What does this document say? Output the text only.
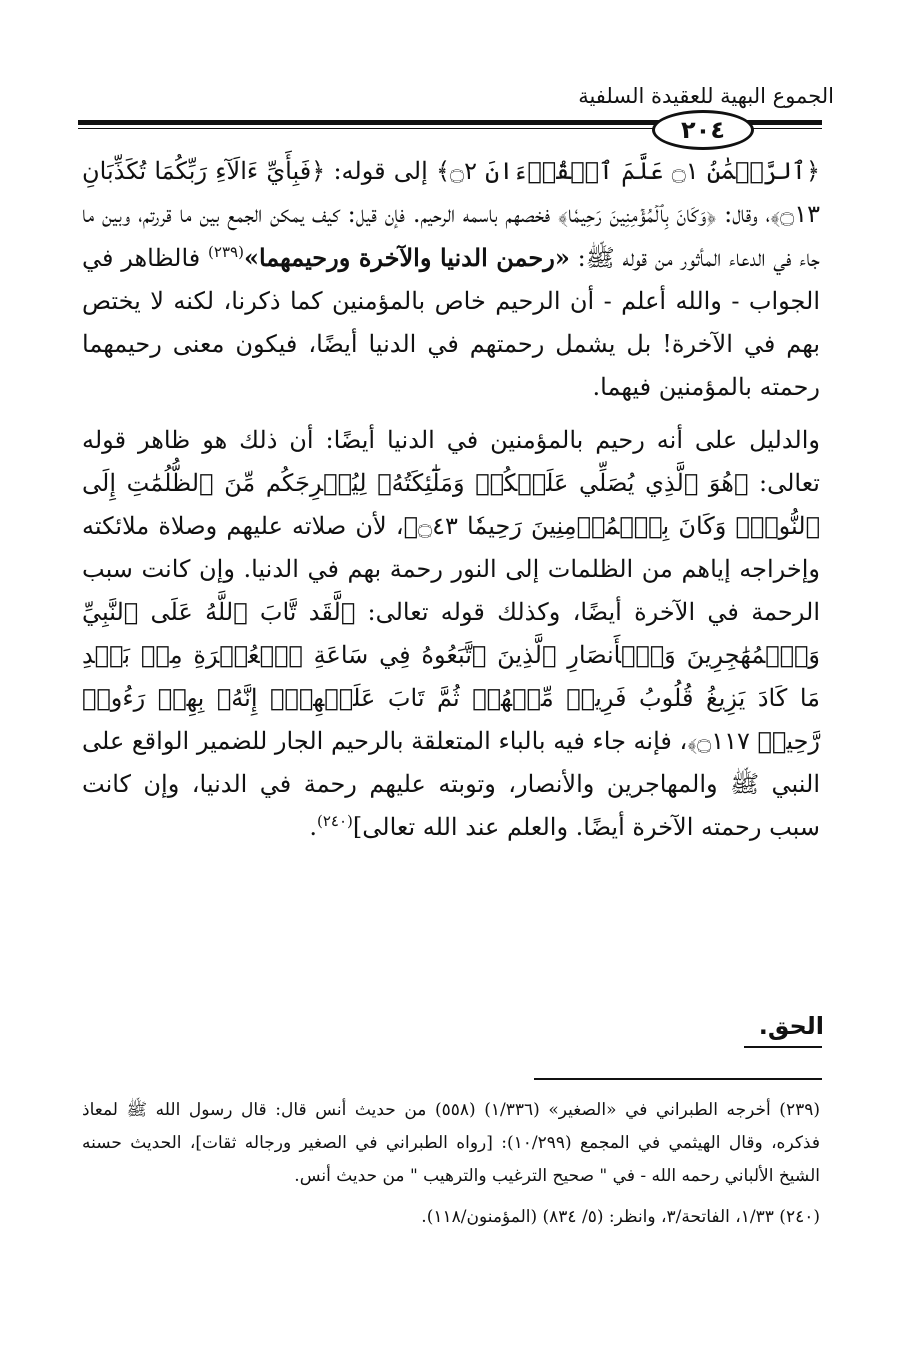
الجموع البهية للعقيدة السلفية
٢٠٤

﴿ٱلرَّحۡمَٰنُ ۝١ عَلَّمَ ٱلۡقُرۡءَانَ ۝٢﴾ إلى قوله: ﴿فَبِأَيِّ ءَالَآءِ رَبِّكُمَا تُكَذِّبَانِ ۝١٣﴾، وقال: ﴿وَكَانَ بِٱلۡمُؤۡمِنِينَ رَحِيمٗا﴾ فخصهم باسمه الرحيم. فإن قيل: كيف يمكن الجمع بين ما قررتم، وبين ما جاء في الدعاء المأثور من قوله ﷺ: «رحمن الدنيا والآخرة ورحيمهما»$^{(٢٣٩)}$ فالظاهر في الجواب - والله أعلم - أن الرحيم خاص بالمؤمنين كما ذكرنا، لكنه لا يختص بهم في الآخرة! بل يشمل رحمتهم في الدنيا أيضًا، فيكون معنى رحيمهما رحمته بالمؤمنين فيهما.

والدليل على أنه رحيم بالمؤمنين في الدنيا أيضًا: أن ذلك هو ظاهر قوله تعالى: ﴿هُوَ ٱلَّذِي يُصَلِّي عَلَيۡكُمۡ وَمَلَٰٓئِكَتُهُۥ لِيُخۡرِجَكُم مِّنَ ٱلظُّلُمَٰتِ إِلَى ٱلنُّورِۚ وَكَانَ بِٱلۡمُؤۡمِنِينَ رَحِيمٗا ۝٤٣﴾، لأن صلاته عليهم وصلاة ملائكته وإخراجه إياهم من الظلمات إلى النور رحمة بهم في الدنيا. وإن كانت سبب الرحمة في الآخرة أيضًا، وكذلك قوله تعالى: ﴿لَّقَد تَّابَ ٱللَّهُ عَلَى ٱلنَّبِيِّ وَٱلۡمُهَٰجِرِينَ وَٱلۡأَنصَارِ ٱلَّذِينَ ٱتَّبَعُوهُ فِي سَاعَةِ ٱلۡعُسۡرَةِ مِنۢ بَعۡدِ مَا كَادَ يَزِيغُ قُلُوبُ فَرِيقٖ مِّنۡهُمۡ ثُمَّ تَابَ عَلَيۡهِمۡۚ إِنَّهُۥ بِهِمۡ رَءُوفٞ رَّحِيمٞ ۝١١٧﴾، فإنه جاء فيه بالباء المتعلقة بالرحيم الجار للضمير الواقع على النبي ﷺ والمهاجرين والأنصار، وتوبته عليهم رحمة في الدنيا، وإن كانت سبب رحمته الآخرة أيضًا. والعلم عند الله تعالى]$^{(٢٤٠)}$.

الحق.

(٢٣٩) أخرجه الطبراني في «الصغير» (١/٣٣٦) (٥٥٨) من حديث أنس قال: قال رسول الله ﷺ لمعاذ فذكره، وقال الهيثمي في المجمع (١٠/٢٩٩): [رواه الطبراني في الصغير ورجاله ثقات]، الحديث حسنه الشيخ الألباني رحمه الله - في " صحيح الترغيب والترهيب " من حديث أنس.

(٢٤٠) ١/٣٣، الفاتحة/٣، وانظر: (٥/ ٨٣٤) (المؤمنون/١١٨).
